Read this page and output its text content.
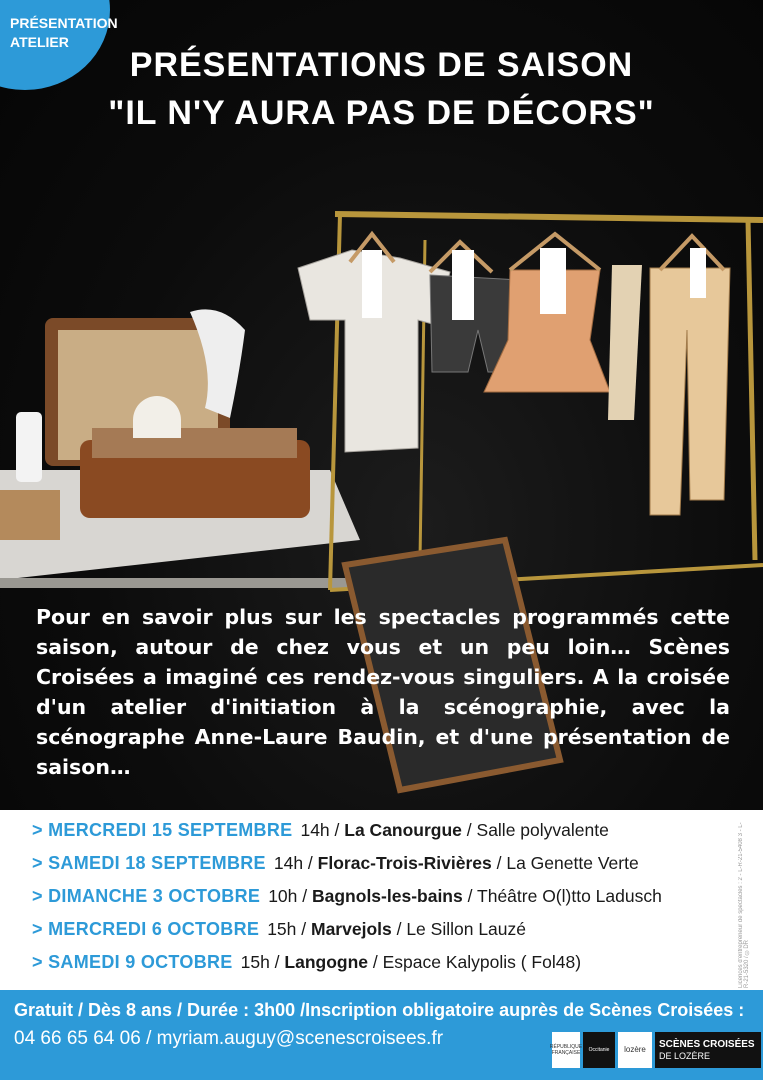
PRÉSENTATION
ATELIER
PRÉSENTATIONS DE SAISON
"IL N'Y AURA PAS DE DÉCORS"

Pour en savoir plus sur les spectacles programmés cette saison, autour de chez vous et un peu loin… Scènes Croisées a imaginé ces rendez-vous singuliers. A la croisée d'un atelier d'initiation à la scénographie, avec la scénographe Anne-Laure Baudin, et d'une présentation de saison…

> MERCREDI 15 SEPTEMBRE 14h / La Canourgue / Salle polyvalente
> SAMEDI 18 SEPTEMBRE 14h / Florac-Trois-Rivières / La Genette Verte
> DIMANCHE 3 OCTOBRE 10h / Bagnols-les-bains / Théâtre O(l)tto Ladusch
> MERCREDI 6 OCTOBRE 15h / Marvejols / Le Sillon Lauzé
> SAMEDI 9 OCTOBRE 15h / Langogne / Espace Kalypolis ( Fol48)	Licences d'entrepreneur de spectacles : 2 - L-R-21-5408 3 - L-R-21-5320 / ©DR
Gratuit / Dès 8 ans / Durée : 3h00 /Inscription obligatoire auprès de Scènes Croisées :
04 66 65 64 06 / myriam.auguy@scenescroisees.fr	RÉPUBLIQUE FRANÇAISE	Occitanie lozère SCÈNES CROISÉES
DE LOZÈRE
